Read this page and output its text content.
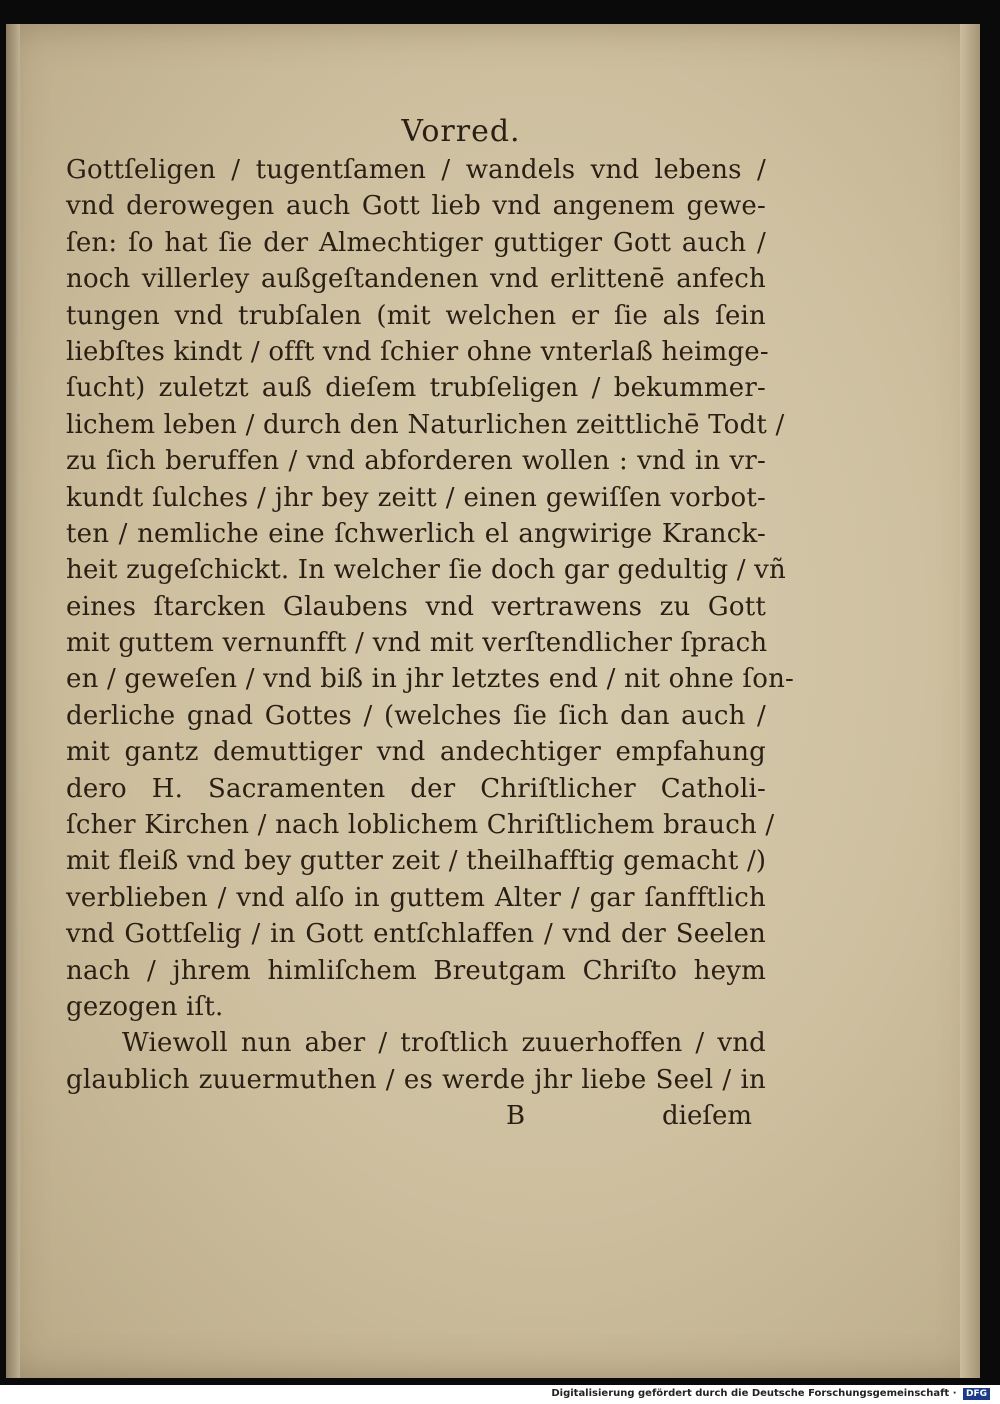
Vorred.
Gottſeligen / tugentſamen / wandels vnd lebens /
vnd derowegen auch Gott lieb vnd angenem gewe-
ſen: ſo hat ſie der Almechtiger guttiger Gott auch /
noch villerley außgeſtandenen vnd erlittenē anfech
tungen vnd trubſalen (mit welchen er ſie als ſein
liebſtes kindt / offt vnd ſchier ohne vnterlaß heimge-
ſucht) zuletzt auß dieſem trubſeligen / bekummer-
lichem leben / durch den Naturlichen zeittlichē Todt /
zu ſich beruffen / vnd abforderen wollen : vnd in vr-
kundt ſulches / jhr bey zeitt / einen gewiſſen vorbot-
ten / nemliche eine ſchwerlich el angwirige Kranck-
heit zugeſchickt. In welcher ſie doch gar gedultig / vñ
eines ſtarcken Glaubens vnd vertrawens zu Gott
mit guttem vernunfft / vnd mit verſtendlicher ſprach
en / geweſen / vnd biß in jhr letztes end / nit ohne ſon-
derliche gnad Gottes / (welches ſie ſich dan auch /
mit gantz demuttiger vnd andechtiger empfahung
dero H. Sacramenten der Chriſtlicher Catholi-
ſcher Kirchen / nach loblichem Chriſtlichem brauch /
mit fleiß vnd bey gutter zeit / theilhafftig gemacht /)
verblieben / vnd alſo in guttem Alter / gar ſanfftlich
vnd Gottſelig / in Gott entſchlaffen / vnd der Seelen
nach / jhrem himliſchem Breutgam Chriſto heym
gezogen iſt.
Wiewoll nun aber / troſtlich zuuerhoffen / vnd
glaublich zuuermuthen / es werde jhr liebe Seel / in
B	dieſem
Digitalisierung gefördert durch die Deutsche Forschungsgemeinschaft · DFG
